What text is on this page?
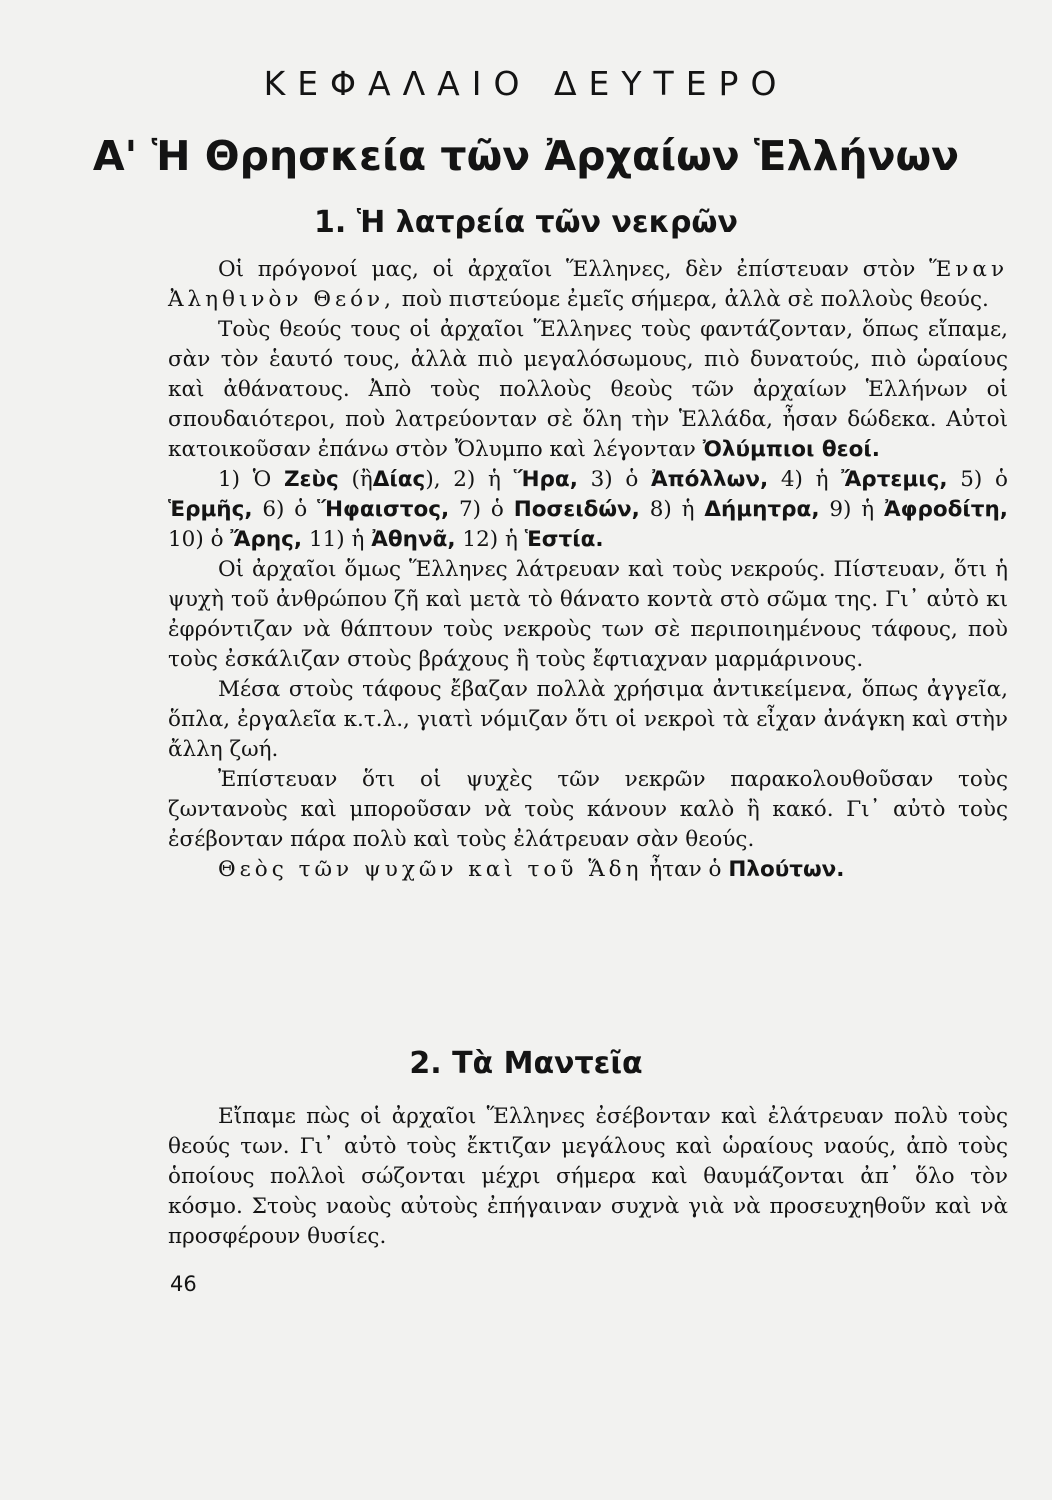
ΚΕΦΑΛΑΙΟ ΔΕΥΤΕΡΟ
Α' Ἡ Θρησκεία τῶν Ἀρχαίων Ἑλλήνων
1. Ἡ λατρεία τῶν νεκρῶν

Οἱ πρόγονοί μας, οἱ ἀρχαῖοι Ἕλληνες, δὲν ἐπίστευαν στὸν Ἕναν Ἀληθινὸν Θεόν, ποὺ πιστεύομε ἐμεῖς σήμερα, ἀλλὰ σὲ πολλοὺς θεούς.

Τοὺς θεούς τους οἱ ἀρχαῖοι Ἕλληνες τοὺς φαντάζονταν, ὅπως εἴπαμε, σὰν τὸν ἑαυτό τους, ἀλλὰ πιὸ μεγαλόσωμους, πιὸ δυνατούς, πιὸ ὡραίους καὶ ἀθάνατους. Ἀπὸ τοὺς πολλοὺς θεοὺς τῶν ἀρχαίων Ἑλλήνων οἱ σπουδαιότεροι, ποὺ λατρεύονταν σὲ ὅλη τὴν Ἑλλάδα, ἦσαν δώδεκα. Αὐτοὶ κατοικοῦσαν ἐπάνω στὸν Ὄλυμπο καὶ λέγονταν Ὀλύμπιοι θεοί.

1) Ὁ Ζεὺς (ἢΔίας), 2) ἡ Ἥρα, 3) ὁ Ἀπόλλων, 4) ἡ Ἄρτεμις, 5) ὁ Ἑρμῆς, 6) ὁ Ἥφαιστος, 7) ὁ Ποσειδών, 8) ἡ Δήμητρα, 9) ἡ Ἀφροδίτη, 10) ὁ Ἄρης, 11) ἡ Ἀθηνᾶ, 12) ἡ Ἑστία.

Οἱ ἀρχαῖοι ὅμως Ἕλληνες λάτρευαν καὶ τοὺς νεκρούς. Πίστευαν, ὅτι ἡ ψυχὴ τοῦ ἀνθρώπου ζῆ καὶ μετὰ τὸ θάνατο κοντὰ στὸ σῶμα της. Γι᾽ αὐτὸ κι ἐφρόντιζαν νὰ θάπτουν τοὺς νεκροὺς των σὲ περιποιημένους τάφους, ποὺ τοὺς ἐσκάλιζαν στοὺς βράχους ἢ τοὺς ἔφτιαχναν μαρμάρινους.

Μέσα στοὺς τάφους ἔβαζαν πολλὰ χρήσιμα ἀντικείμενα, ὅπως ἀγγεῖα, ὅπλα, ἐργαλεῖα κ.τ.λ., γιατὶ νόμιζαν ὅτι οἱ νεκροὶ τὰ εἶχαν ἀνάγκη καὶ στὴν ἄλλη ζωή.

Ἐπίστευαν ὅτι οἱ ψυχὲς τῶν νεκρῶν παρακολουθοῦσαν τοὺς ζωντανοὺς καὶ μποροῦσαν νὰ τοὺς κάνουν καλὸ ἢ κακό. Γι᾽ αὐτὸ τοὺς ἐσέβονταν πάρα πολὺ καὶ τοὺς ἐλάτρευαν σὰν θεούς.

Θεὸς τῶν ψυχῶν καὶ τοῦ Ἅδη ἦταν ὁ Πλούτων.

2. Τὰ Μαντεῖα

Εἴπαμε πὼς οἱ ἀρχαῖοι Ἕλληνες ἐσέβονταν καὶ ἐλάτρευαν πολὺ τοὺς θεούς των. Γι᾽ αὐτὸ τοὺς ἔκτιζαν μεγάλους καὶ ὡραίους ναούς, ἀπὸ τοὺς ὁποίους πολλοὶ σώζονται μέχρι σήμερα καὶ θαυμάζονται ἀπ᾽ ὅλο τὸν κόσμο. Στοὺς ναοὺς αὐτοὺς ἐπήγαιναν συχνὰ γιὰ νὰ προσευχηθοῦν καὶ νὰ προσφέρουν θυσίες.

46
